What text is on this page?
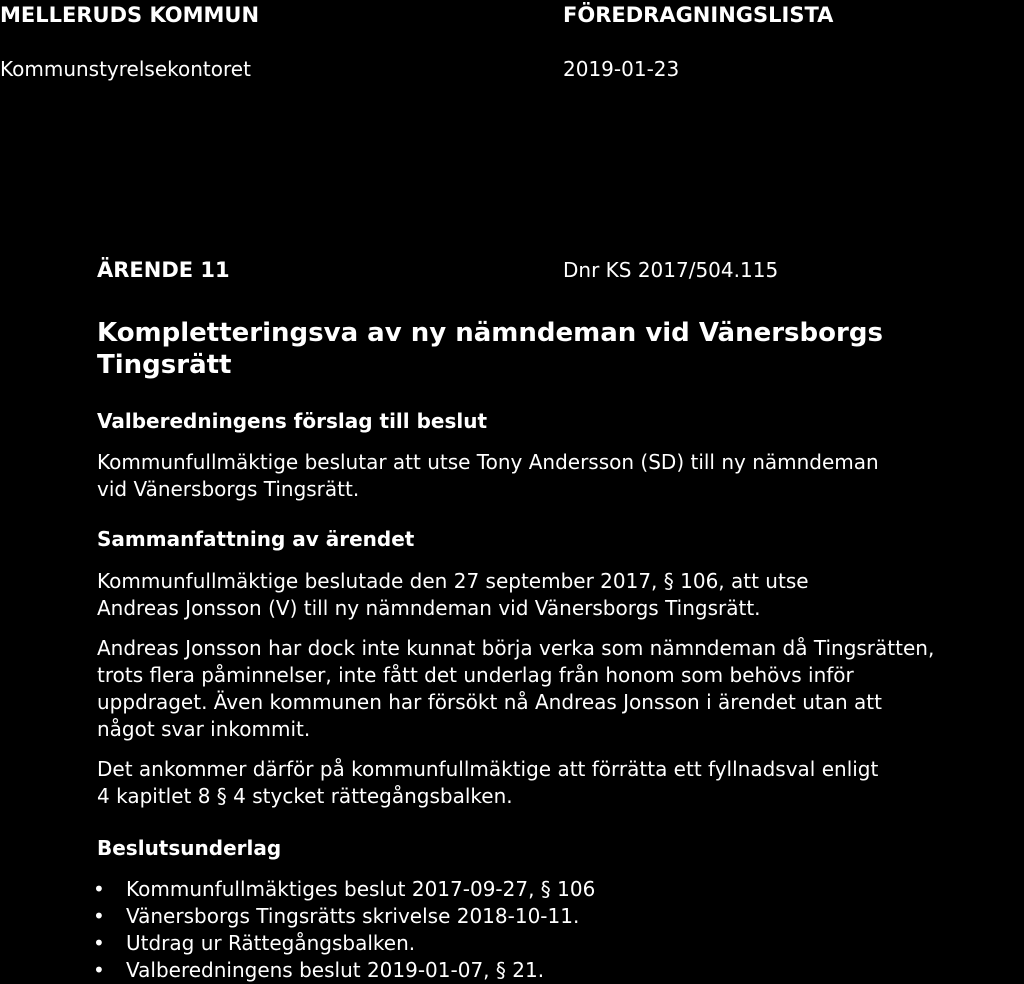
MELLERUDS KOMMUN	FÖREDRAGNINGSLISTA
Kommunstyrelsekontoret	2019-01-23
ÄRENDE 11	Dnr KS 2017/504.115
Kompletteringsva av ny nämndeman vid Vänersborgs Tingsrätt
Valberedningens förslag till beslut
Kommunfullmäktige beslutar att utse Tony Andersson (SD) till ny nämndeman
vid Vänersborgs Tingsrätt.
Sammanfattning av ärendet
Kommunfullmäktige beslutade den 27 september 2017, § 106, att utse
Andreas Jonsson (V) till ny nämndeman vid Vänersborgs Tingsrätt.
Andreas Jonsson har dock inte kunnat börja verka som nämndeman då Tingsrätten,
trots flera påminnelser, inte fått det underlag från honom som behövs inför
uppdraget. Även kommunen har försökt nå Andreas Jonsson i ärendet utan att
något svar inkommit.
Det ankommer därför på kommunfullmäktige att förrätta ett fyllnadsval enligt
4 kapitlet 8 § 4 stycket rättegångsbalken.
Beslutsunderlag
• Kommunfullmäktiges beslut 2017-09-27, § 106
• Vänersborgs Tingsrätts skrivelse 2018-10-11.
• Utdrag ur Rättegångsbalken.
• Valberedningens beslut 2019-01-07, § 21.
